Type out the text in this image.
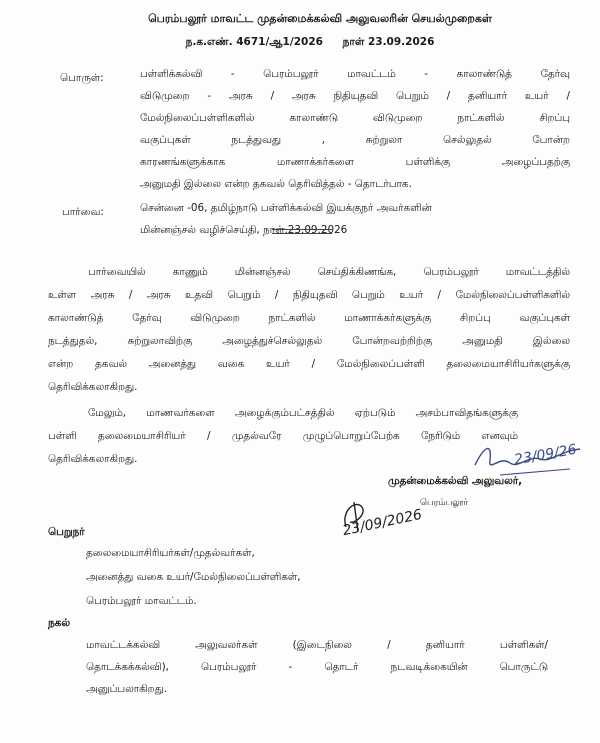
பெரம்பலூர் மாவட்ட முதன்மைக்கல்வி அலுவலரின் செயல்முறைகள்
ந.க.எண். 4671/ஆ1/2026 நாள் 23.09.2026
பொருள்:	பள்ளிக்கல்வி - பெரம்பலூர் மாவட்டம் - காலாண்டுத் தேர்வு
விடுமுறை - அரசு / அரசு நிதியுதவி பெறும் / தனியார் உயர் /
மேல்நிலைப்பள்ளிகளில் காலாண்டு விடுமுறை நாட்களில் சிறப்பு
வகுப்புகள் நடத்துவது , சுற்றுலா செல்லுதல் போன்ற
காரணங்களுக்காக மாணாக்கர்களை பள்ளிக்கு அழைப்பதற்கு
அனுமதி இல்லை என்ற தகவல் தெரிவித்தல் - தொடர்பாக.
பார்வை:	சென்னை -06, தமிழ்நாடு பள்ளிக்கல்வி இயக்குநர் அவர்களின்
மின்னஞ்சல் வழிச்செய்தி, நாள்.23.09.2026
பார்வையில் காணும் மின்னஞ்சல் செய்திக்கிணங்க, பெரம்பலூர் மாவட்டத்தில்
உள்ள அரசு / அரசு உதவி பெறும் / நிதியுதவி பெறும் உயர் / மேல்நிலைப்பள்ளிகளில்
காலாண்டுத் தேர்வு விடுமுறை நாட்களில் மாணாக்கர்களுக்கு சிறப்பு வகுப்புகள்
நடத்துதல், சுற்றுலாவிற்கு அழைத்துச்செல்லுதல் போன்றவற்றிற்கு அனுமதி இல்லை
என்ற தகவல் அனைத்து வகை உயர் / மேல்நிலைப்பள்ளி தலைமையாசிரியர்களுக்கு
தெரிவிக்கலாகிறது.
மேலும், மாணவர்களை அழைக்கும்பட்சத்தில் ஏற்படும் அசம்பாவிதங்களுக்கு
பள்ளி தலைமையாசிரியர் / முதல்வரே முழுப்பொறுப்பேற்க நேரிடும் எனவும்
தெரிவிக்கலாகிறது.	23/09/26
முதன்மைக்கல்வி அலுவலர்,
பெரம்பலூர்
23/09/2026
பெறுநர்
தலைமையாசிரியர்கள்/முதல்வர்கள்,
அனைத்து வகை உயர்/மேல்நிலைப்பள்ளிகள்,
பெரம்பலூர் மாவட்டம்.
நகல்
மாவட்டக்கல்வி அலுவலர்கள் (இடைநிலை / தனியார் பள்ளிகள்/
தொடக்கக்கல்வி), பெரம்பலூர் - தொடர் நடவடிக்கையின் பொருட்டு
அனுப்பலாகிறது.
